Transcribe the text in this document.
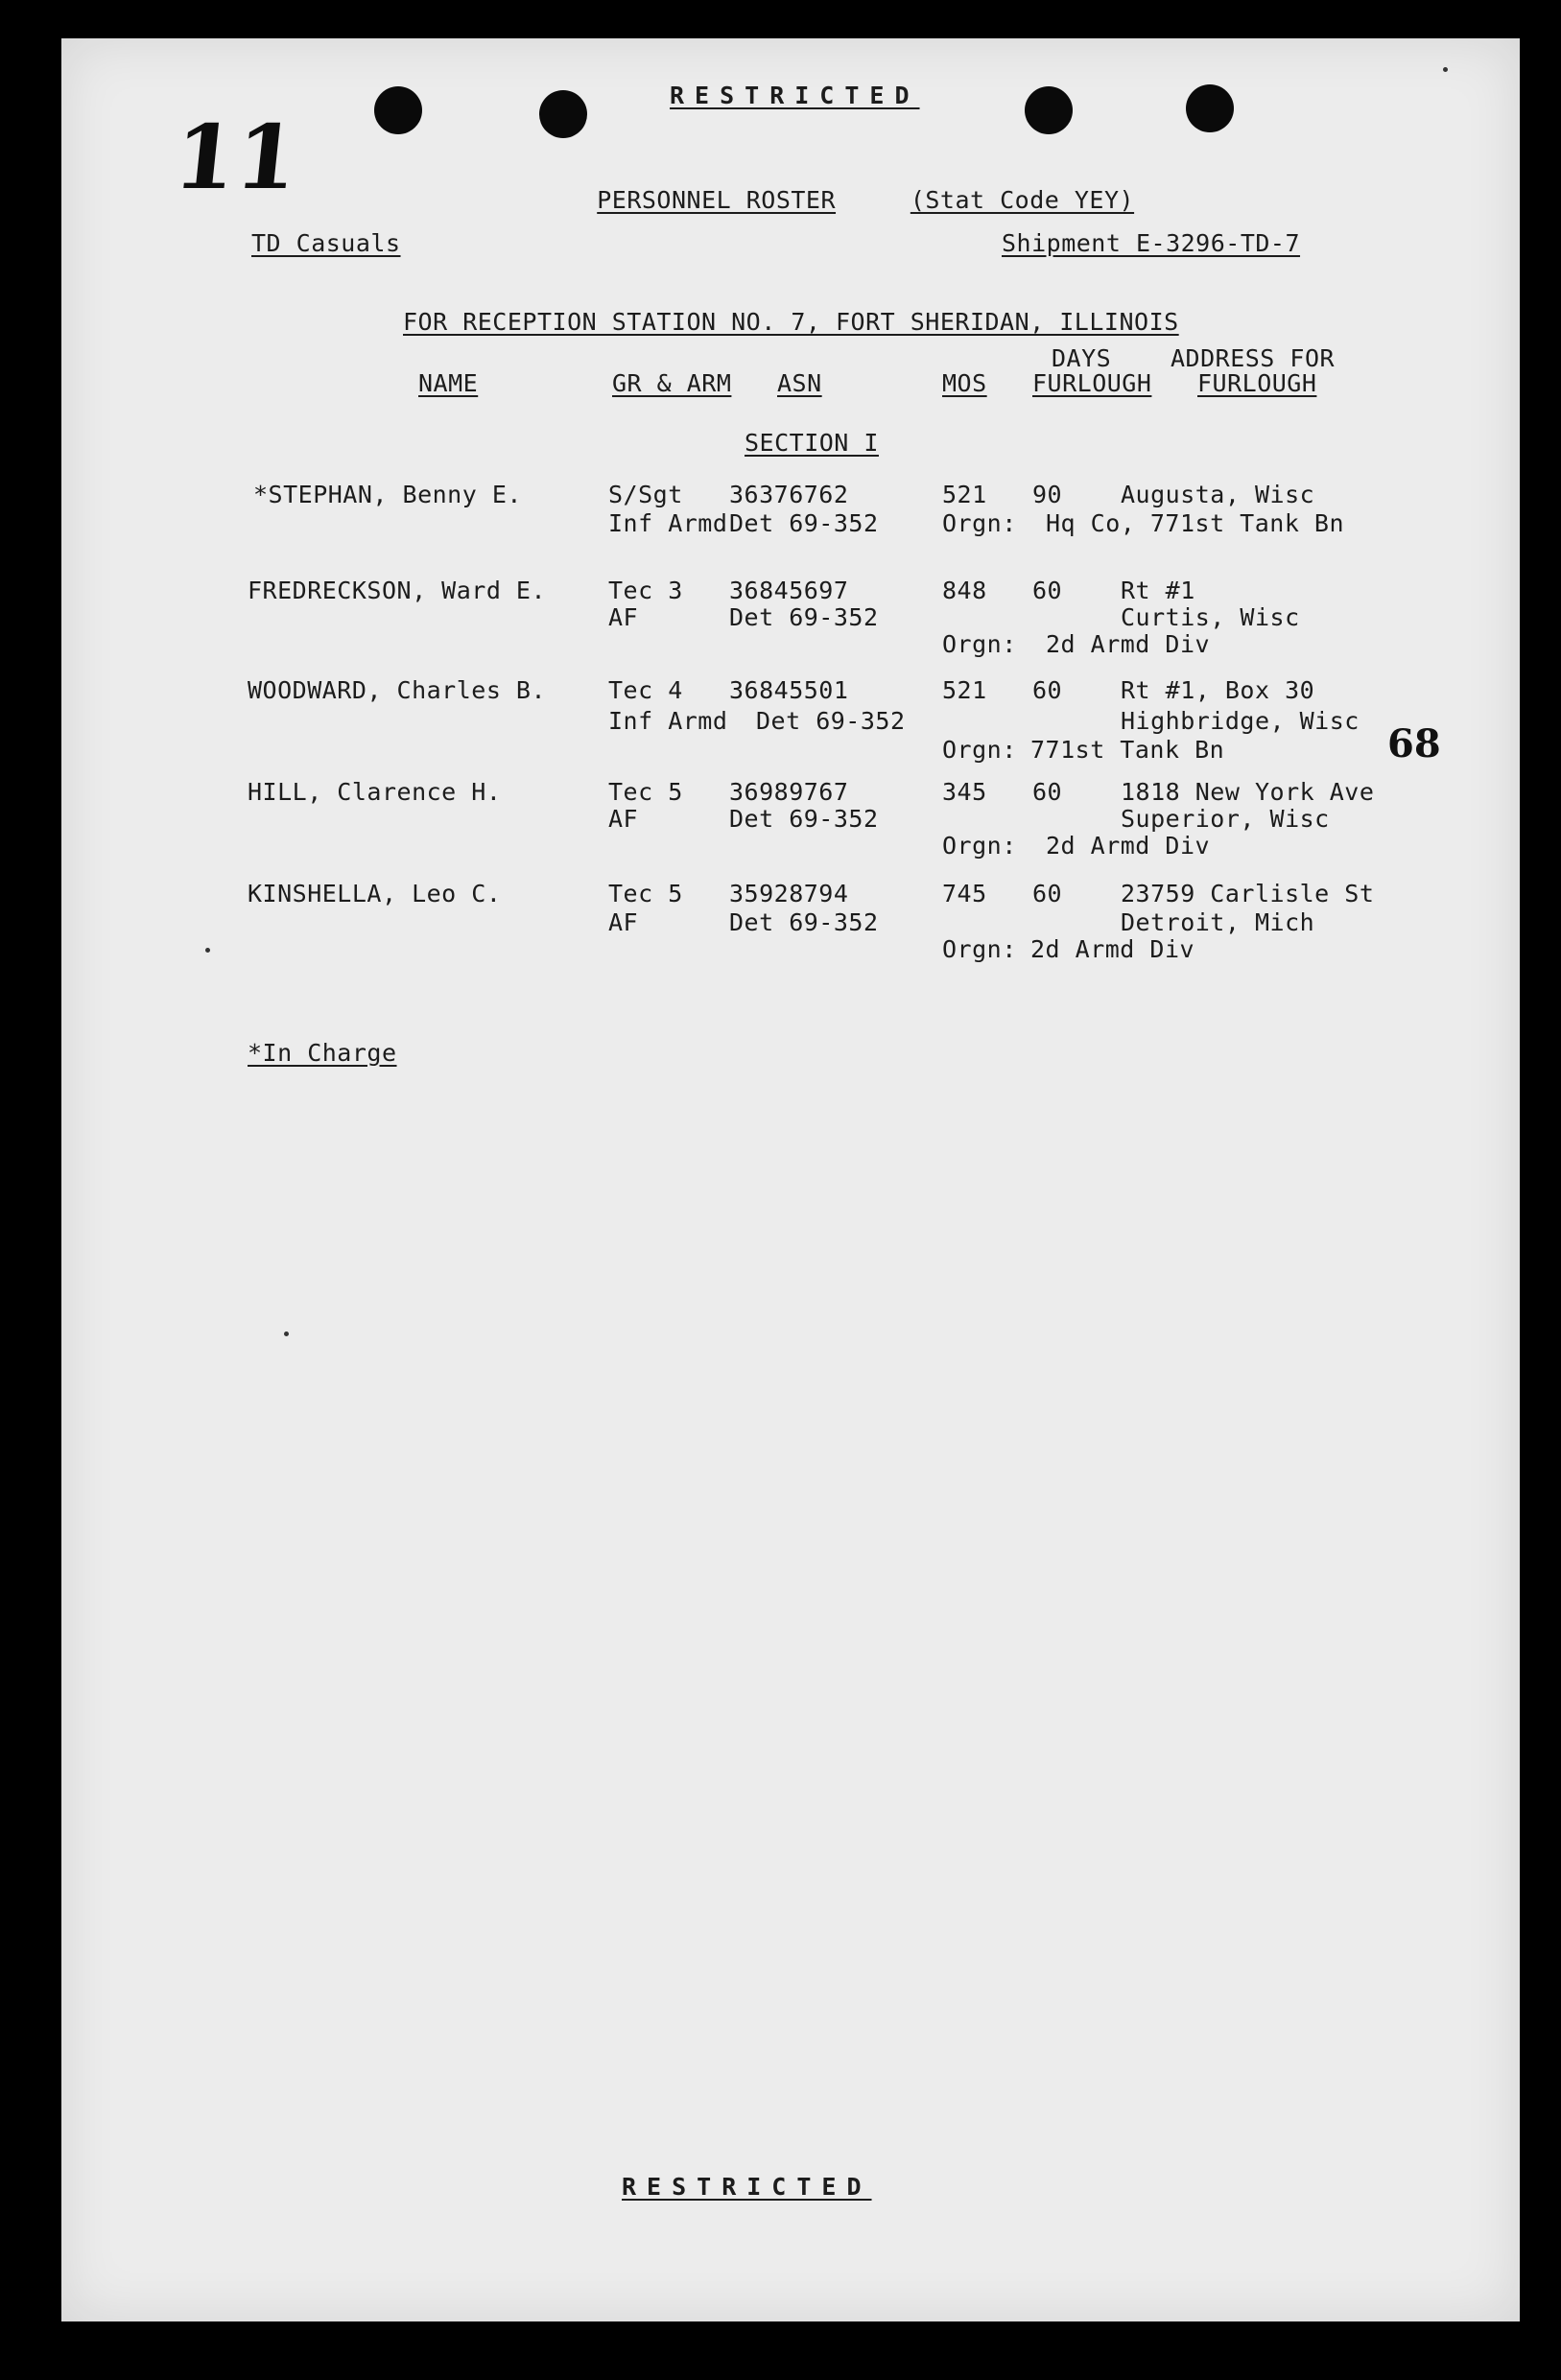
11
RESTRICTED

PERSONNEL ROSTER	(Stat Code YEY)

TD Casuals	Shipment E-3296-TD-7
FOR RECEPTION STATION NO. 7, FORT SHERIDAN, ILLINOIS
DAYS ADDRESS FOR
NAME	GR & ARM ASN	MOS FURLOUGH FURLOUGH
SECTION I
*STEPHAN, Benny E.	S/Sgt 36376762	521 90 Augusta, Wisc
Inf Armd Det 69-352	Orgn: Hq Co, 771st Tank Bn
FREDRECKSON, Ward E.	Tec 3 36845697	848 60 Rt #1
AF	Det 69-352	Curtis, Wisc
Orgn: 2d Armd Div
WOODWARD, Charles B.	Tec 4 36845501	521 60 Rt #1, Box 30
Inf Armd Det 69-352	Highbridge, Wisc
Orgn: 771st Tank Bn
HILL, Clarence H.	Tec 5 36989767	345 60 1818 New York Ave
AF	Det 69-352	Superior, Wisc
Orgn: 2d Armd Div
KINSHELLA, Leo C.	Tec 5 35928794	745 60 23759 Carlisle St
AF	Det 69-352	Detroit, Mich
Orgn: 2d Armd Div
68
*In Charge
RESTRICTED
